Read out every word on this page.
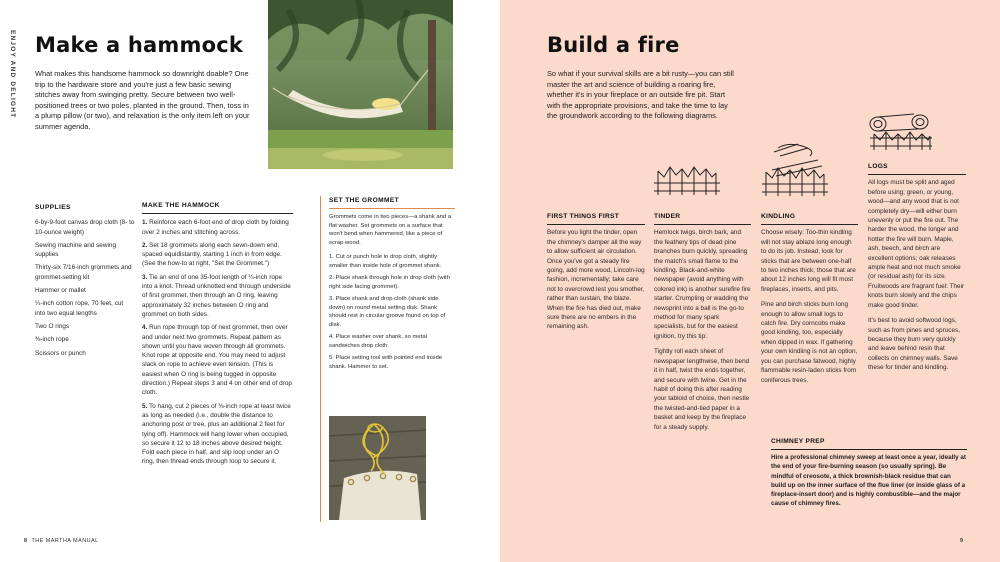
ENJOY AND DELIGHT Make a hammock
What makes this handsome hammock so downright doable? One trip to the hardware store and you're just a few basic sewing stitches away from swinging pretty. Secure between two well-positioned trees or two poles, planted in the ground. Then, toss in a plump pillow (or two), and relaxation is the only item left on your summer agenda.
SUPPLIES
6-by-9-foot canvas drop cloth (8- to 10-ounce weight)
Sewing machine and sewing supplies
Thirty-six 7/16-inch grommets and grommet-setting kit
Hammer or mallet
¼-inch cotton rope, 70 feet, cut into two equal lengths
Two O rings
⅜-inch rope
Scissors or punch
MAKE THE HAMMOCK
1. Reinforce each 6-foot end of drop cloth by folding over 2 inches and stitching across.
2. Set 18 grommets along each sewn-down end, spaced equidistantly, starting 1 inch in from edge. (See the how-to at right, "Set the Grommet.")
3. Tie an end of one 35-foot length of ¼-inch rope into a knot. Thread unknotted end through underside of first grommet, then through an O ring, leaving approximately 32 inches between O ring and grommet on both sides.
4. Run rope through top of next grommet, then over and under next two grommets. Repeat pattern as shown until you have woven through all grommets. Knot rope at opposite end. You may need to adjust slack on rope to achieve even tension. (This is easiest when O ring is being tugged in opposite direction.) Repeat steps 3 and 4 on other end of drop cloth.
5. To hang, cut 2 pieces of ⅜-inch rope at least twice as long as needed (i.e., double the distance to anchoring post or tree, plus an additional 2 feet for tying off). Hammock will hang lower when occupied, so secure it 12 to 18 inches above desired height. Fold each piece in half, and slip loop under an O ring, then thread ends through loop to secure it.
SET THE GROMMET
Grommets come in two pieces—a shank and a flat washer. Set grommets on a surface that won't bend when hammered, like a piece of scrap wood.
1. Cut or punch hole in drop cloth, slightly smaller than inside hole of grommet shank.
2. Place shank through hole in drop cloth (with right side facing grommet).
3. Place shank and drop cloth (shank side down) on round metal setting disk. Shank should rest in circular groove found on top of disk.
4. Place washer over shank, so metal sandwiches drop cloth.
5. Place setting tool with pointed end inside shank. Hammer to set.
8 THE MARTHA MANUAL
Build a fire
So what if your survival skills are a bit rusty—you can still master the art and science of building a roaring fire, whether it's in your fireplace or an outside fire pit. Start with the appropriate provisions, and take the time to lay the groundwork according to the following diagrams.
FIRST THINGS FIRST
Before you light the tinder, open the chimney's damper all the way to allow sufficient air circulation. Once you've got a steady fire going, add more wood, Lincoln-log fashion, incrementally; take care not to overcrowd lest you smother, rather than sustain, the blaze. When the fire has died out, make sure there are no embers in the remaining ash.
TINDER
Hemlock twigs, birch bark, and the feathery tips of dead pine branches burn quickly, spreading the match's small flame to the kindling. Black-and-white newspaper (avoid anything with colored ink) is another surefire fire starter. Crumpling or wadding the newsprint into a ball is the go-to method for many spark specialists, but for the easiest ignition, try this tip:
Tightly roll each sheet of newspaper lengthwise, then bend it in half, twist the ends together, and secure with twine. Get in the habit of doing this after reading your tabloid of choice, then nestle the twisted-and-tied paper in a basket and keep by the fireplace for a steady supply.
KINDLING
Choose wisely: Too-thin kindling will not stay ablaze long enough to do its job. Instead, look for sticks that are between one-half to two inches thick; those that are about 12 inches long will fit most fireplaces, inserts, and pits.
Pine and birch sticks burn long enough to allow small logs to catch fire. Dry corncobs make good kindling, too, especially when dipped in wax. If gathering your own kindling is not an option, you can purchase fatwood, highly flammable resin-laden sticks from coniferous trees.
LOGS
All logs must be split and aged before using; green, or young, wood—and any wood that is not completely dry—will either burn unevenly or put the fire out. The harder the wood, the longer and hotter the fire will burn. Maple, ash, beech, and birch are excellent options; oak releases ample heat and not much smoke (or residual ash) for its size. Fruitwoods are fragrant fuel: Their knots burn slowly and the chips make good tinder.
It's best to avoid softwood logs, such as from pines and spruces, because they burn very quickly and leave behind resin that collects on chimney walls. Save these for tinder and kindling.
CHIMNEY PREP
Hire a professional chimney sweep at least once a year, ideally at the end of your fire-burning season (so usually spring). Be mindful of creosote, a thick brownish-black residue that can build up on the inner surface of the flue liner (or inside glass of a fireplace-insert door) and is highly combustible—and the major cause of chimney fires.
9
